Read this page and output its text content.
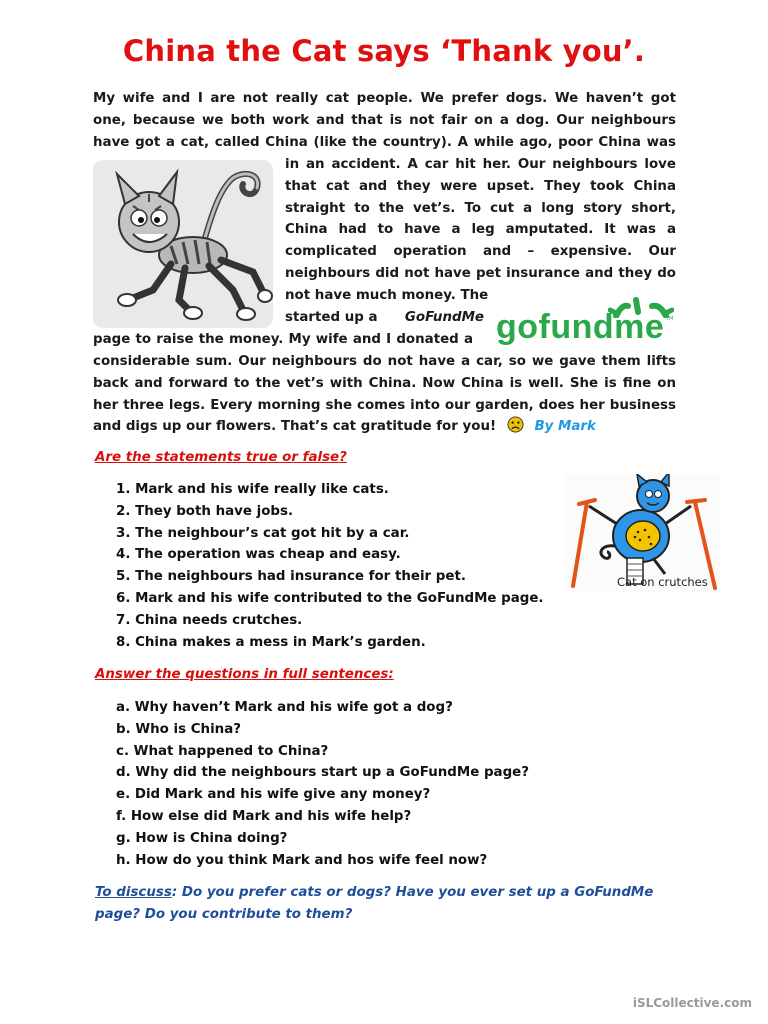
China the Cat says ‘Thank you’.
My wife and I are not really cat people. We prefer dogs. We haven’t got
one, because we both work and that is not fair on a dog. Our neighbours
have got a cat, called China (like the country). A while ago, poor China was
in an accident. A car hit her. Our neighbours love
that cat and they were upset. They took China
straight to the vet’s. To cut a long story short,
China had to have a leg amputated. It was a
complicated operation and – expensive. Our
neighbours did not have pet insurance and they do
not have much money. The
started up a	GoFundMe
page to raise the money. My wife and I donated a gofundme TM
considerable sum. Our neighbours do not have a car, so we gave them lifts
back and forward to the vet’s with China. Now China is well. She is fine on
her three legs. Every morning she comes into our garden, does her business
and digs up our flowers. That’s cat gratitude for you!	By Mark
Are the statements true or false?
1. Mark and his wife really like cats.
2. They both have jobs.
3. The neighbour’s cat got hit by a car.
4. The operation was cheap and easy.
5. The neighbours had insurance for their pet.
6. Mark and his wife contributed to the GoFundMe page.
7. China needs crutches.
8. China makes a mess in Mark’s garden.
Cat on crutches
Answer the questions in full sentences:
a. Why haven’t Mark and his wife got a dog?
b. Who is China?
c. What happened to China?
d. Why did the neighbours start up a GoFundMe page?
e. Did Mark and his wife give any money?
f. How else did Mark and his wife help?
g. How is China doing?
h. How do you think Mark and hos wife feel now?
To discuss: Do you prefer cats or dogs? Have you ever set up a GoFundMe
page? Do you contribute to them?
iSLCollective.com
